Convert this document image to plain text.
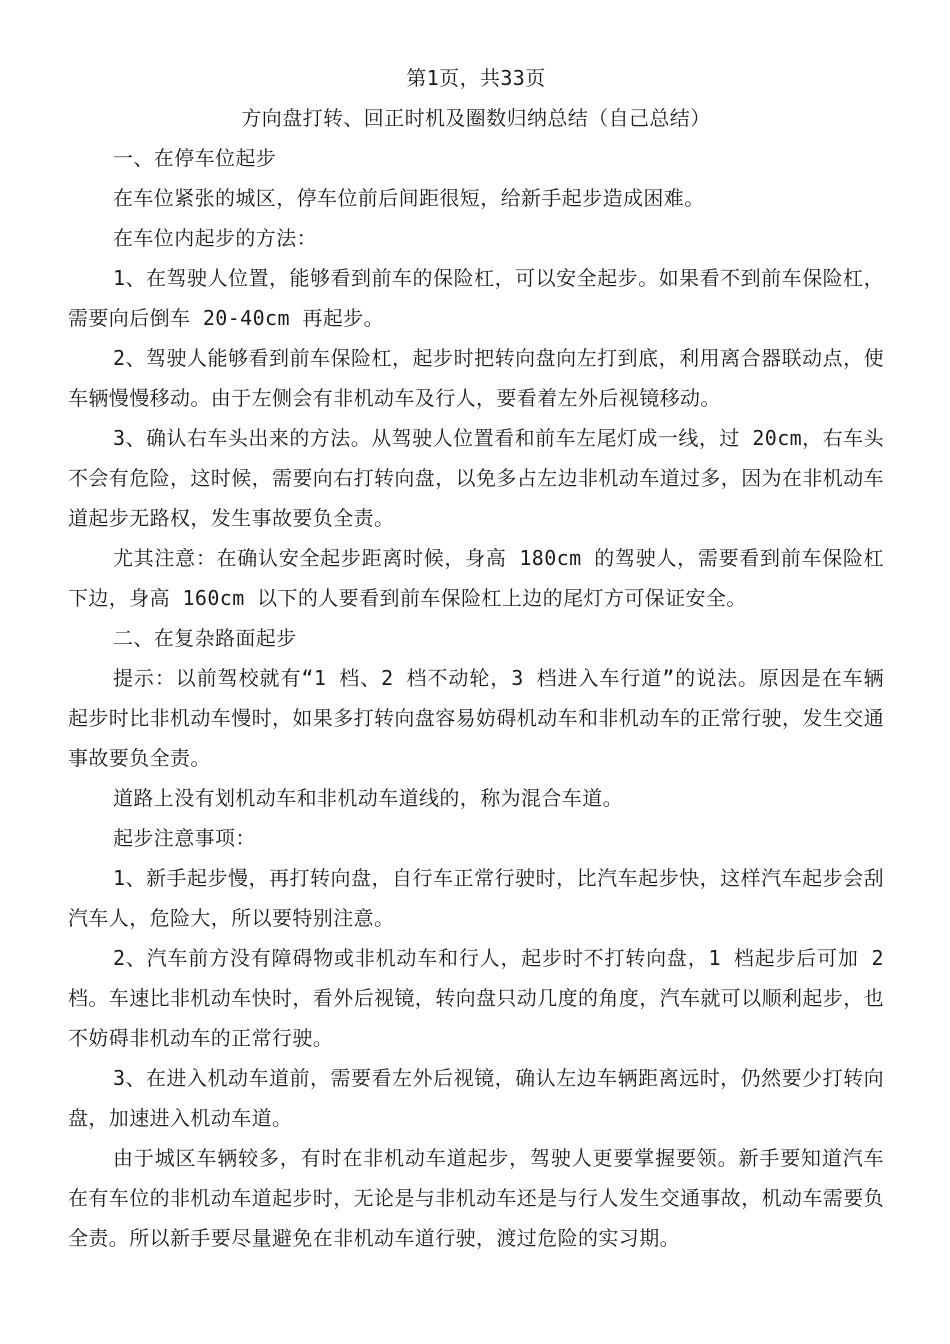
第1页，共33页

方向盘打转、回正时机及圈数归纳总结（自己总结）

一、在停车位起步

在车位紧张的城区，停车位前后间距很短，给新手起步造成困难。

在车位内起步的方法：

1、在驾驶人位置，能够看到前车的保险杠，可以安全起步。如果看不到前车保险杠，需要向后倒车 20-40cm 再起步。

2、驾驶人能够看到前车保险杠，起步时把转向盘向左打到底，利用离合器联动点，使车辆慢慢移动。由于左侧会有非机动车及行人，要看着左外后视镜移动。

3、确认右车头出来的方法。从驾驶人位置看和前车左尾灯成一线，过 20cm，右车头不会有危险，这时候，需要向右打转向盘，以免多占左边非机动车道过多，因为在非机动车道起步无路权，发生事故要负全责。

尤其注意：在确认安全起步距离时候，身高 180cm 的驾驶人，需要看到前车保险杠下边，身高 160cm 以下的人要看到前车保险杠上边的尾灯方可保证安全。

二、在复杂路面起步

提示：以前驾校就有“1 档、2 档不动轮，3 档进入车行道”的说法。原因是在车辆起步时比非机动车慢时，如果多打转向盘容易妨碍机动车和非机动车的正常行驶，发生交通事故要负全责。

道路上没有划机动车和非机动车道线的，称为混合车道。

起步注意事项：

1、新手起步慢，再打转向盘，自行车正常行驶时，比汽车起步快，这样汽车起步会刮汽车人，危险大，所以要特别注意。

2、汽车前方没有障碍物或非机动车和行人，起步时不打转向盘，1 档起步后可加 2 档。车速比非机动车快时，看外后视镜，转向盘只动几度的角度，汽车就可以顺利起步，也不妨碍非机动车的正常行驶。

3、在进入机动车道前，需要看左外后视镜，确认左边车辆距离远时，仍然要少打转向盘，加速进入机动车道。

由于城区车辆较多，有时在非机动车道起步，驾驶人更要掌握要领。新手要知道汽车在有车位的非机动车道起步时，无论是与非机动车还是与行人发生交通事故，机动车需要负全责。所以新手要尽量避免在非机动车道行驶，渡过危险的实习期。
